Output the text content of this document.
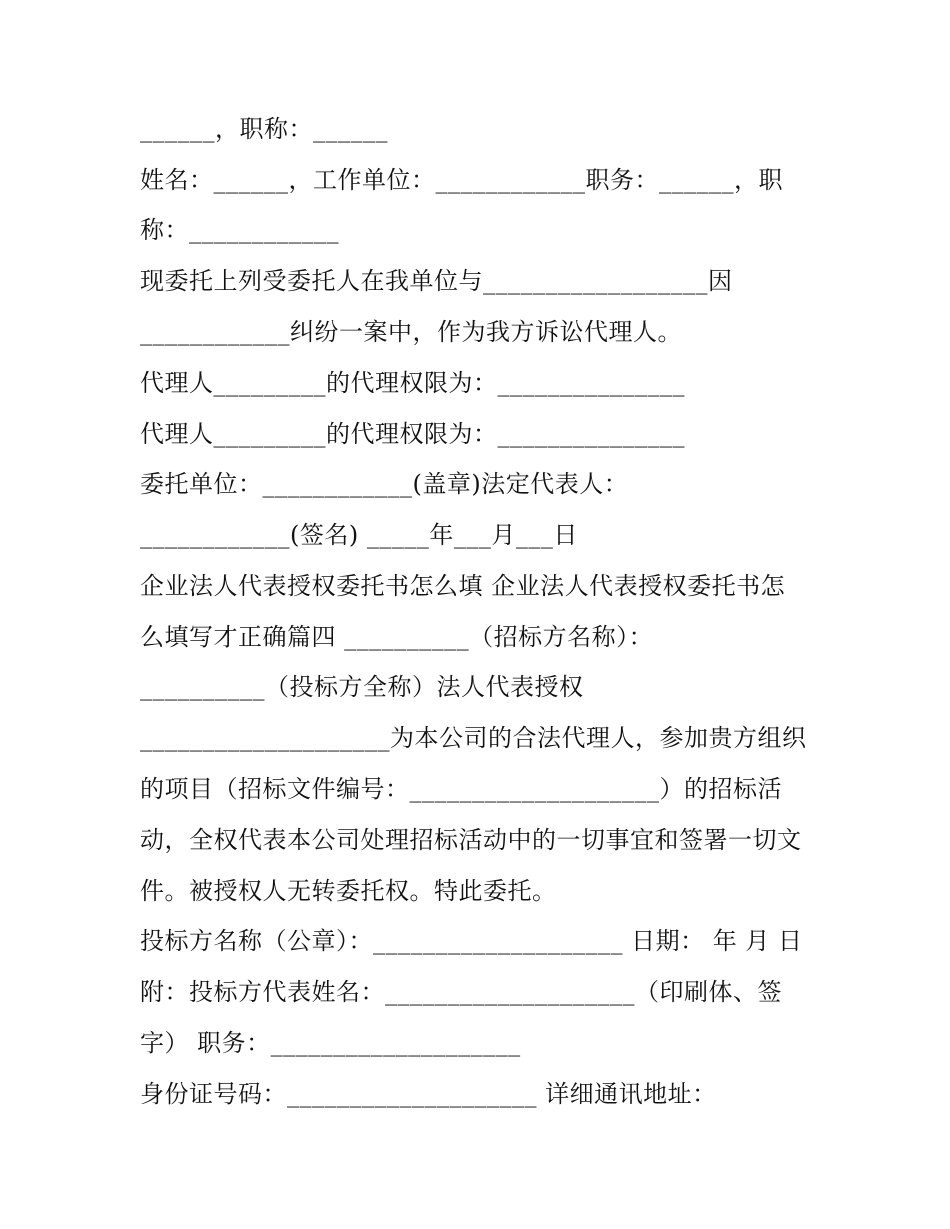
______，职称：______
姓名：______，工作单位：____________职务：______，职
称：____________
现委托上列受委托人在我单位与__________________因
____________纠纷一案中，作为我方诉讼代理人。
代理人_________的代理权限为：_______________
代理人_________的代理权限为：_______________
委托单位：____________(盖章)法定代表人：
____________(签名) _____年___月___日
企业法人代表授权委托书怎么填 企业法人代表授权委托书怎
么填写才正确篇四 __________（招标方名称）：
__________（投标方全称）法人代表授权
____________________为本公司的合法代理人，参加贵方组织
的项目（招标文件编号：____________________）的招标活
动，全权代表本公司处理招标活动中的一切事宜和签署一切文
件。被授权人无转委托权。特此委托。
投标方名称（公章）：____________________ 日期： 年 月 日
附：投标方代表姓名：____________________（印刷体、签
字） 职务：____________________
身份证号码：____________________ 详细通讯地址：
